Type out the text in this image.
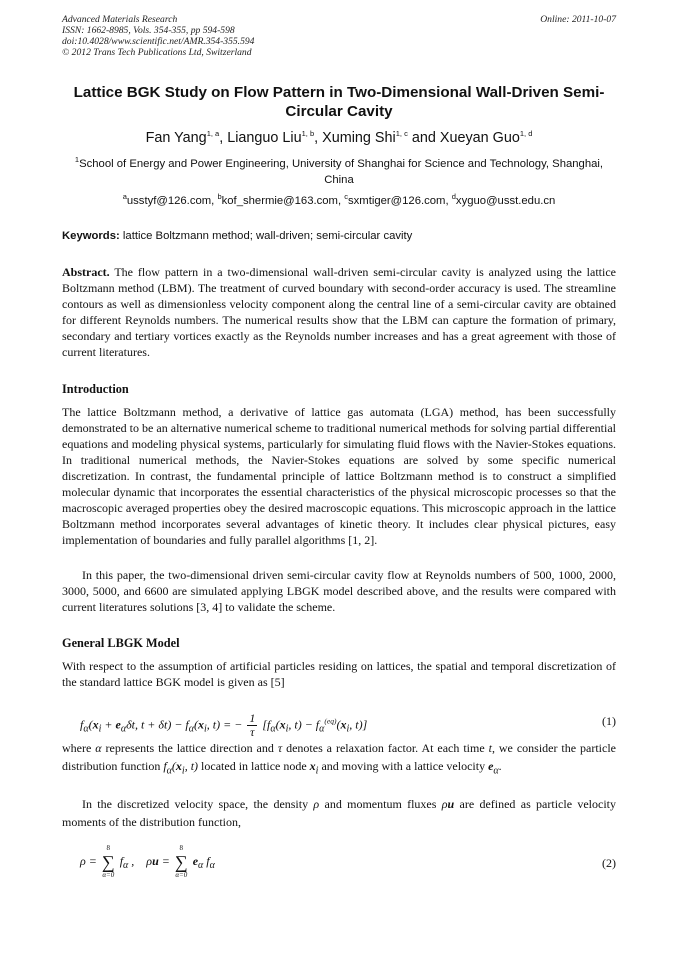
Advanced Materials Research
ISSN: 1662-8985, Vols. 354-355, pp 594-598
doi:10.4028/www.scientific.net/AMR.354-355.594
© 2012 Trans Tech Publications Ltd, Switzerland
Online: 2011-10-07
Lattice BGK Study on Flow Pattern in Two-Dimensional Wall-Driven Semi-Circular Cavity
Fan Yang$^{1, a}$, Lianguo Liu$^{1, b}$, Xuming Shi$^{1, c}$ and Xueyan Guo$^{1, d}$
$^1$School of Energy and Power Engineering, University of Shanghai for Science and Technology, Shanghai, China
$^a$usstyf@126.com, $^b$kof_shermie@163.com, $^c$sxmtiger@126.com, $^d$xyguo@usst.edu.cn
Keywords: lattice Boltzmann method; wall-driven; semi-circular cavity
Abstract. The flow pattern in a two-dimensional wall-driven semi-circular cavity is analyzed using the lattice Boltzmann method (LBM). The treatment of curved boundary with second-order accuracy is used. The streamline contours as well as dimensionless velocity component along the central line of a semi-circular cavity are obtained for different Reynolds numbers. The numerical results show that the LBM can capture the formation of primary, secondary and tertiary vortices exactly as the Reynolds number increases and has a great agreement with those of current literatures.
Introduction
The lattice Boltzmann method, a derivative of lattice gas automata (LGA) method, has been successfully demonstrated to be an alternative numerical scheme to traditional numerical methods for solving partial differential equations and modeling physical systems, particularly for simulating fluid flows with the Navier-Stokes equations. In traditional numerical methods, the Navier-Stokes equations are solved by some specific numerical discretization. In contrast, the fundamental principle of lattice Boltzmann method is to construct a simplified molecular dynamic that incorporates the essential characteristics of the physical microscopic processes so that the macroscopic averaged properties obey the desired macroscopic equations. This microscopic approach in the lattice Boltzmann method incorporates several advantages of kinetic theory. It includes clear physical pictures, easy implementation of boundaries and fully parallel algorithms [1, 2].
In this paper, the two-dimensional driven semi-circular cavity flow at Reynolds numbers of 500, 1000, 2000, 3000, 5000, and 6600 are simulated applying LBGK model described above, and the results were compared with current literatures solutions [3, 4] to validate the scheme.
General LBGK Model
With respect to the assumption of artificial particles residing on lattices, the spatial and temporal discretization of the standard lattice BGK model is given as [5]
$f_\alpha(x_i + e_\alpha\delta t$, $t + \delta t) - f_\alpha(x_i$, t) = − $\frac{1}{\tau} [f_\alpha(x_i$, $t) - f_\alpha^{(eq)}(x_i$, t)]	(1)
where α represents the lattice direction and τ denotes a relaxation factor. At each time t, we consider the particle distribution function $f_\alpha(x_i$, t) located in lattice node $x_i$ and moving with a lattice velocity $e_\alpha$.
In the discretized velocity space, the density ρ and momentum fluxes ρu are defined as particle velocity moments of the distribution function,
ρ =
8
∑
α=0
$f_\alpha$ ,    ρu =
8
∑
α=0
$e_\alpha$ $f_\alpha$	(2)
